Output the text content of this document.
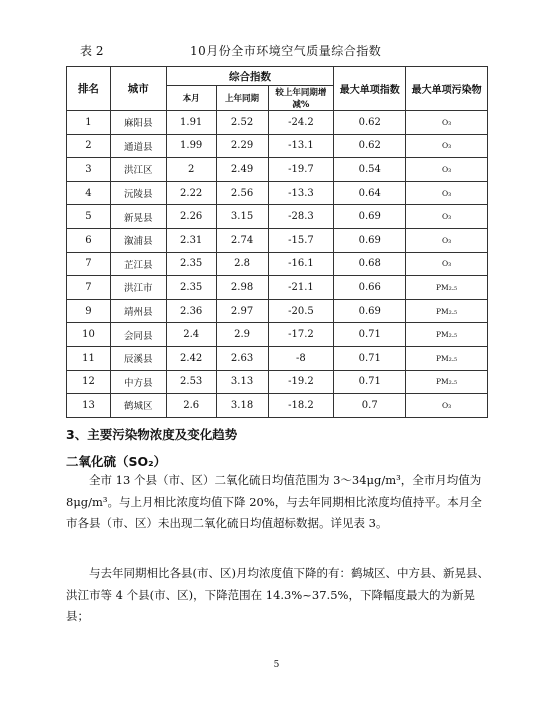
表 2	10月份全市环境空气质量综合指数
排名	城市	综合指数			最大单项指数	最大单项污染物
		本月	上年同期	较上年同期增减%		
1	麻阳县	1.91	2.52	-24.2	0.62	O₃
2	通道县	1.99	2.29	-13.1	0.62	O₃
3	洪江区	2	2.49	-19.7	0.54	O₃
4	沅陵县	2.22	2.56	-13.3	0.64	O₃
5	新晃县	2.26	3.15	-28.3	0.69	O₃
6	溆浦县	2.31	2.74	-15.7	0.69	O₃
7	芷江县	2.35	2.8	-16.1	0.68	O₃
7	洪江市	2.35	2.98	-21.1	0.66	PM₂.₅
9	靖州县	2.36	2.97	-20.5	0.69	PM₂.₅
10	会同县	2.4	2.9	-17.2	0.71	PM₂.₅
11	辰溪县	2.42	2.63	-8	0.71	PM₂.₅
12	中方县	2.53	3.13	-19.2	0.71	PM₂.₅
13	鹤城区	2.6	3.18	-18.2	0.7	O₃
3、主要污染物浓度及变化趋势
二氧化硫（SO₂）

全市 13 个县（市、区）二氧化硫日均值范围为 3～34μg/m³，全市月均值为 8μg/m³。与上月相比浓度均值下降 20%，与去年同期相比浓度均值持平。本月全市各县（市、区）未出现二氧化硫日均值超标数据。详见表 3。

与去年同期相比各县(市、区)月均浓度值下降的有：鹤城区、中方县、新晃县、洪江市等 4 个县(市、区)，下降范围在 14.3%~37.5%，下降幅度最大的为新晃县；

5
